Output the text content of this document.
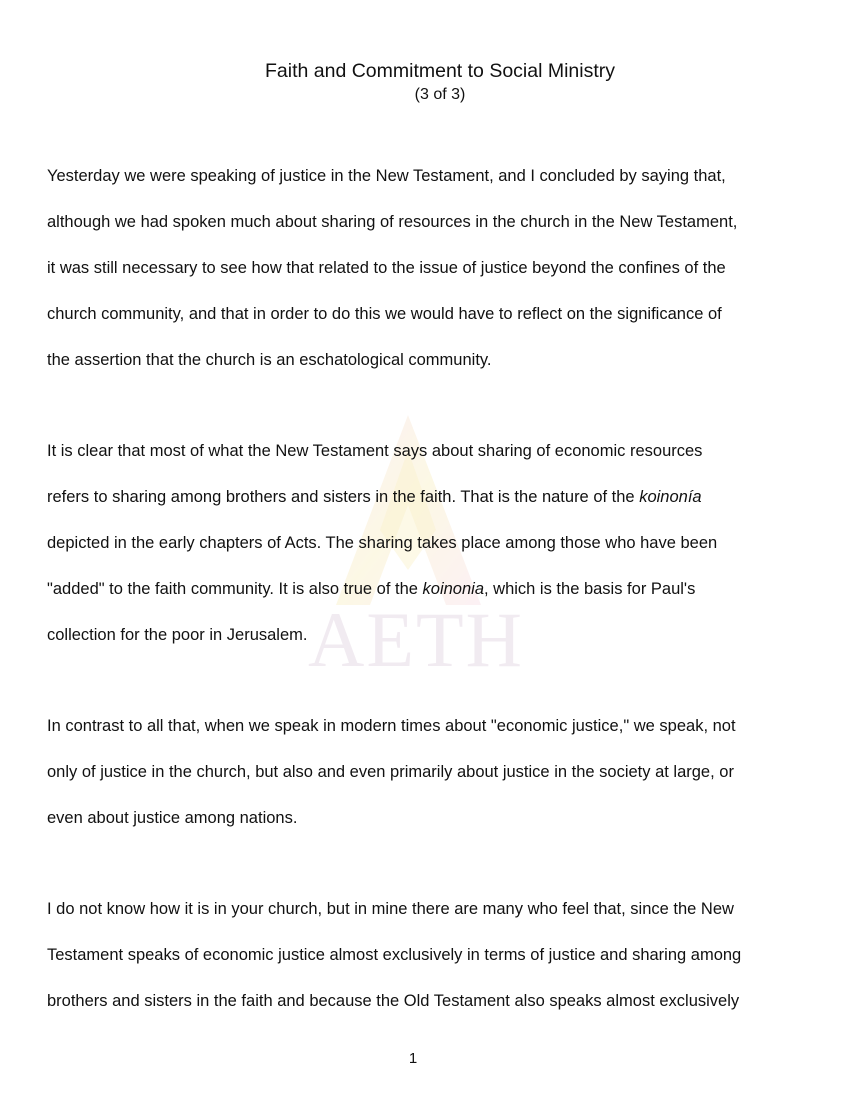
AETH
Faith and Commitment to Social Ministry
(3 of 3)

Yesterday we were speaking of justice in the New Testament, and I concluded by saying that,
although we had spoken much about sharing of resources in the church in the New Testament,
it was still necessary to see how that related to the issue of justice beyond the confines of the
church community, and that in order to do this we would have to reflect on the significance of
the assertion that the church is an eschatological community.

It is clear that most of what the New Testament says about sharing of economic resources
refers to sharing among brothers and sisters in the faith. That is the nature of the koinonía
depicted in the early chapters of Acts. The sharing takes place among those who have been
"added" to the faith community. It is also true of the koinonia, which is the basis for Paul's
collection for the poor in Jerusalem.

In contrast to all that, when we speak in modern times about "economic justice," we speak, not
only of justice in the church, but also and even primarily about justice in the society at large, or
even about justice among nations.

I do not know how it is in your church, but in mine there are many who feel that, since the New
Testament speaks of economic justice almost exclusively in terms of justice and sharing among
brothers and sisters in the faith and because the Old Testament also speaks almost exclusively

1
